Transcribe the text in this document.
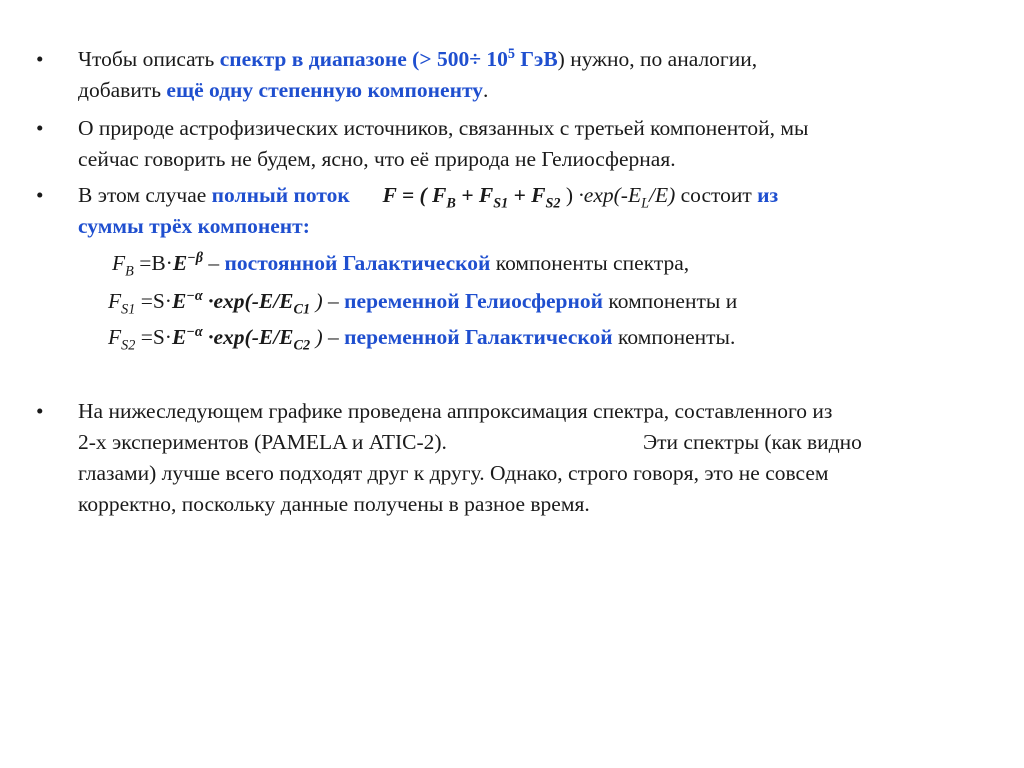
•	Чтобы описать спектр в диапазоне (> $500\div 10^5$ ГэВ) нужно, по аналогии,
добавить ещё одну степенную компоненту.
•	О природе астрофизических источников, связанных с третьей компонентой, мы
сейчас говорить не будем, ясно, что её природа не Гелиосферная.
•	В этом случае полный поток F = ( $F_B + F_{S1} + F_{S2}$ ) $\cdot\exp(-E_L/E)$ состоит из
суммы трёх компонент:
$F_B =B\cdot E^{-\beta}$ – постоянной Галактической компоненты спектра,
$F_{S1} =S\cdot E^{-\alpha} \cdot\exp(-E/E_{C1}$ ) – переменной Гелиосферной компоненты и
$F_{S2} =S\cdot E^{-\alpha} \cdot\exp(-E/E_{C2}$ ) – переменной Галактической компоненты.
•	На нижеследующем графике проведена аппроксимация спектра, составленного из
2-х экспериментов (PAMELA и ATIC-2).	Эти спектры (как видно
глазами) лучше всего подходят друг к другу. Однако, строго говоря, это не совсем
корректно, поскольку данные получены в разное время.
